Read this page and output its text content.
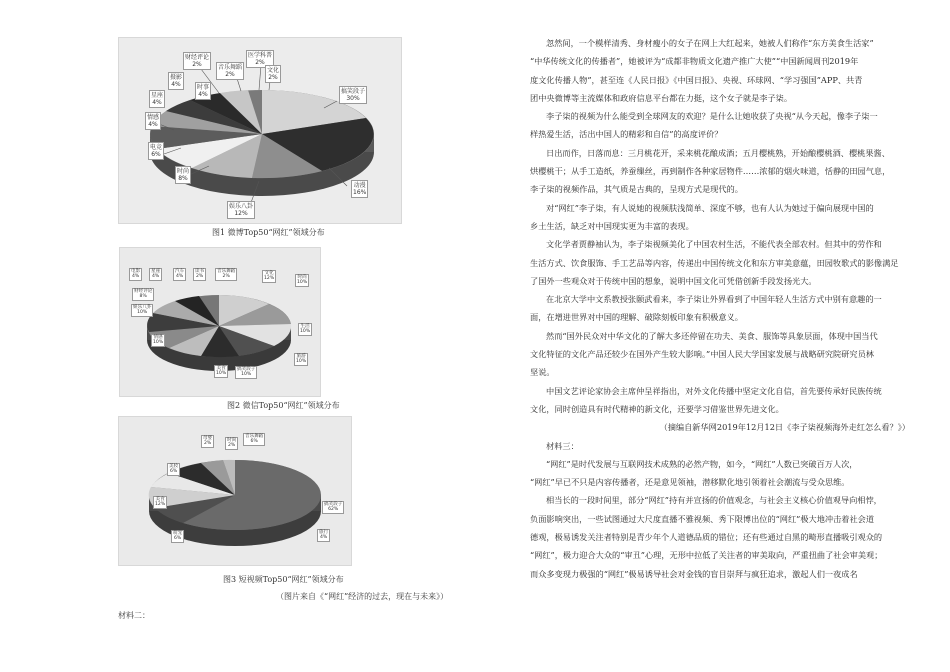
财经评论
2%	音乐舞蹈
2%
医学科普
2%
文化
2%
搞笑段子
30%
动漫
16%
娱乐八卦
12%
时尚
8%
电竞
6%
情感
4%
星座
4%
摄影
4%	时事
4%
电影
4%
星座
4%
汽车
4%
读书
2%
音乐舞蹈
2%
文化
12%
财经评论
8%
时尚
10%
娱乐八卦
10%
生活
10%
旅游
10%
搞笑段子
10%
美食
10%
情感
10%
母婴
2%
时尚
2%
音乐舞蹈
6%
美妆
6%
美食
12%
萌宠
6%
搞笑段子
62%
旅行
4%
图1 微博Top50“网红”领域分布
图2 微信Top50“网红”领域分布
图3 短视频Top50“网红”领域分布
（图片来自《“网红”经济的过去，现在与未来》）
材料二：

忽然间，一个模样清秀、身材瘦小的女子在网上大红起来，她被人们称作“东方美食生活家”

“中华传统文化的传播者”，她被评为“成都非物质文化遗产推广大使”“中国新闻周刊2019年

度文化传播人物”，甚至连《人民日报》《中国日报》、央视、环球网、“学习强国”APP、共青

团中央微博等主流媒体和政府信息平台都在力挺，这个女子就是李子柒。

李子柒的视频为什么能受到全球网友的欢迎？是什么让她收获了央视“从今天起，像李子柒一

样热爱生活，活出中国人的精彩和自信”的高度评价？

日出而作，日落而息：三月桃花开，采来桃花酿成酒；五月樱桃熟，开始酿樱桃酒、樱桃果酱、

烘樱桃干；从手工造纸，养蚕缫丝，再到制作各种家居物件……浓郁的烟火味道，恬静的田园气息，

李子柒的视频作品，其气质是古典的，呈现方式是现代的。

对“网红”李子柒，有人说她的视频肤浅简单、深度不够，也有人认为她过于偏向展现中国的

乡土生活，缺乏对中国现实更为丰富的表现。

文化学者贾静袖认为，李子柒视频美化了中国农村生活，不能代表全部农村。但其中的劳作和

生活方式、饮食服饰、手工艺品等内容，传递出中国传统文化和东方审美意蕴，田园牧歌式的影像满足

了国外一些观众对于传统中国的想象，说明中国文化可凭借创新手段发扬光大。

在北京大学中文系教授张颐武看来，李子柒让外界看到了中国年轻人生活方式中别有意趣的一

面，在增进世界对中国的理解、破除刻板印象有积极意义。

然而“国外民众对中华文化的了解大多还停留在功夫、美食、服饰等具象层面，体现中国当代

文化特征的文化产品还较少在国外产生较大影响。”中国人民大学国家发展与战略研究院研究员林

坚说。

中国文艺评论家协会主席仲呈祥指出，对外文化传播中坚定文化自信，首先要传承好民族传统

文化，同时创造具有时代精神的新文化，还要学习借鉴世界先进文化。

（摘编自新华网2019年12月12日《李子柒视频海外走红怎么看？》）

材料三：

“网红”是时代发展与互联网技术成熟的必然产物，如今，“网红”人数已突破百万人次，

“网红”早已不只是内容传播者，还是意见领袖，潜移默化地引领着社会潮流与受众思维。

相当长的一段时间里，部分“网红”持有并宣扬的价值观念，与社会主义核心价值观导向相悖，

负面影响突出，一些试图通过大尺度直播不雅视频、秀下限博出位的“网红”极大地冲击着社会道

德观，极易诱发关注者特别是青少年个人道德品质的错位；还有些通过自黑的畸形直播吸引观众的

“网红”，极力迎合大众的“审丑”心理，无形中拉低了关注者的审美取向，严重扭曲了社会审美观；

而众多变现力极强的“网红”极易诱导社会对金钱的盲目崇拜与疯狂追求，激起人们一夜成名
